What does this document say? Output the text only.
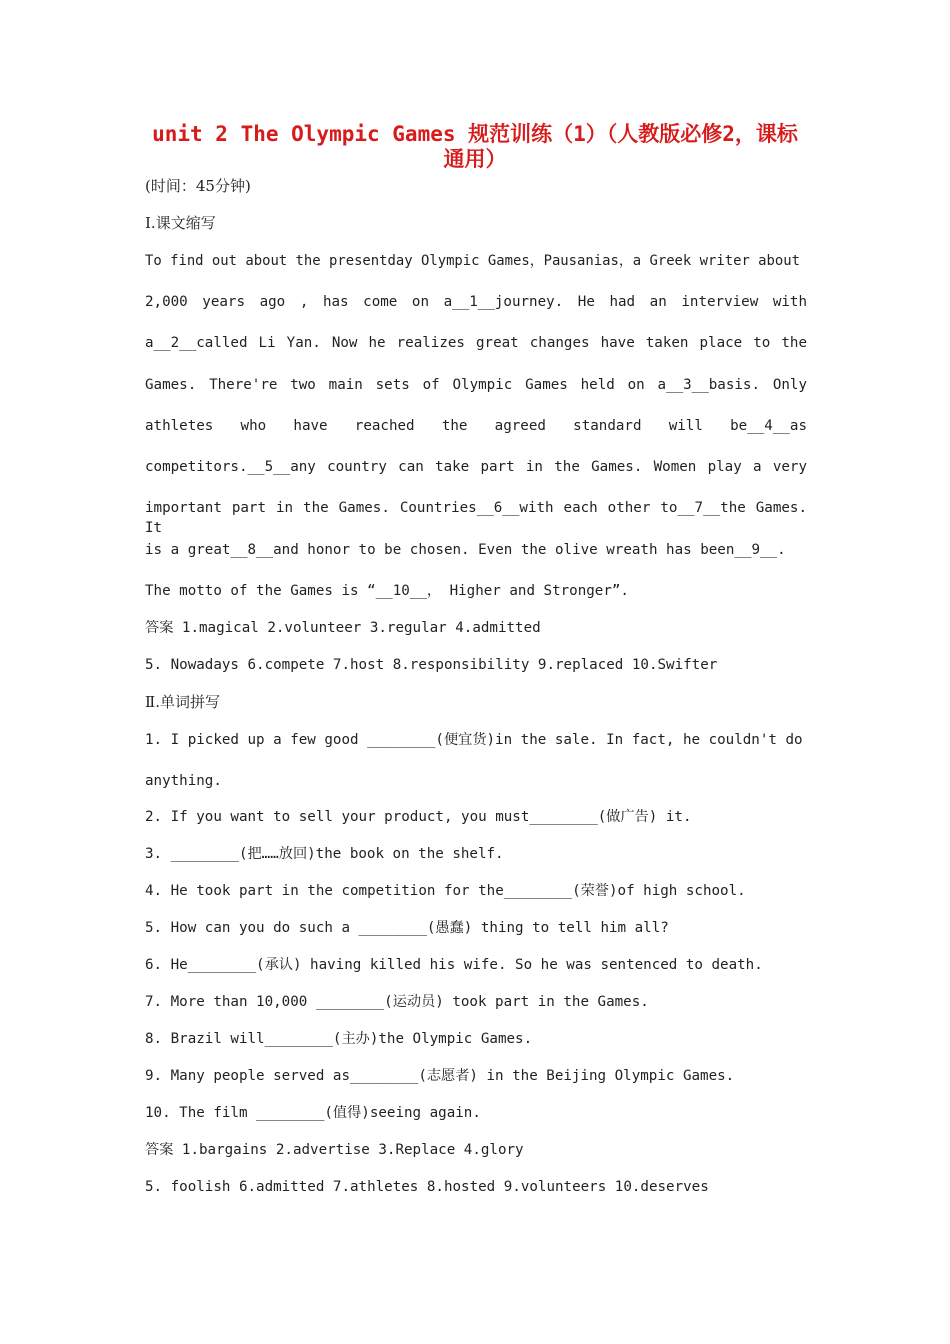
unit 2 The Olympic Games 规范训练（1）（人教版必修2，课标
通用）
(时间：45分钟)
Ⅰ.课文缩写
To find out about the presentday Olympic Games，Pausanias，a Greek writer about
2,000 years ago , has come on a__1__journey. He had an interview with
a__2__called Li Yan. Now he realizes great changes have taken place to the
Games. There're two main sets of Olympic Games held on a__3__basis. Only
athletes who have reached the agreed standard will be__4__as
competitors.__5__any country can take part in the Games. Women play a very
important part in the Games. Countries__6__with each other to__7__the Games. It
is a great__8__and honor to be chosen. Even the olive wreath has been__9__.
The motto of the Games is “__10__， Higher and Stronger”.
答案 1.magical 2.volunteer 3.regular 4.admitted
5. Nowadays 6.compete 7.host 8.responsibility 9.replaced 10.Swifter
Ⅱ.单词拼写
1. I picked up a few good ________(便宜货)in the sale. In fact, he couldn't do
anything.
2. If you want to sell your product, you must________(做广告) it.
3. ________(把……放回)the book on the shelf.
4. He took part in the competition for the________(荣誉)of high school.
5. How can you do such a ________(愚蠢) thing to tell him all?
6. He________(承认) having killed his wife. So he was sentenced to death.
7. More than 10,000 ________(运动员) took part in the Games.
8. Brazil will________(主办)the Olympic Games.
9. Many people served as________(志愿者) in the Beijing Olympic Games.
10. The film ________(值得)seeing again.
答案 1.bargains 2.advertise 3.Replace 4.glory
5. foolish 6.admitted 7.athletes 8.hosted 9.volunteers 10.deserves
